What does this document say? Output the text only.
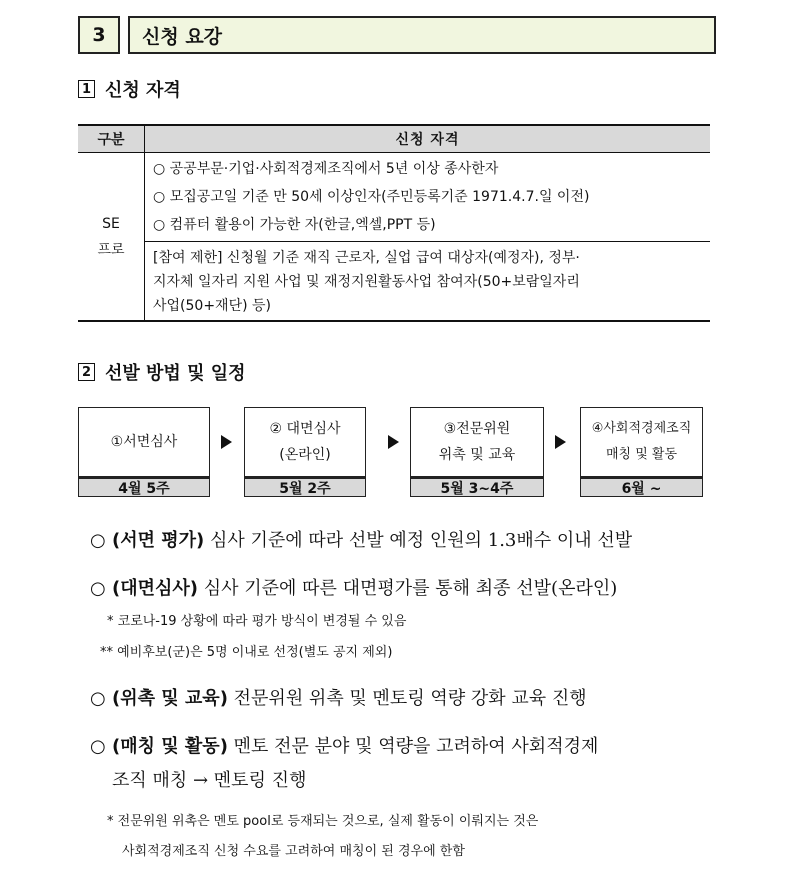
3	신청 요강
1 신청 자격
구분	신청 자격
SE
프로
○ 공공부문·기업·사회적경제조직에서 5년 이상 종사한자
○ 모집공고일 기준 만 50세 이상인자(주민등록기준 1971.4.7.일 이전)
○ 컴퓨터 활용이 가능한 자(한글,엑셀,PPT 등)
[참여 제한] 신청월 기준 재직 근로자, 실업 급여 대상자(예정자), 정부·
지자체 일자리 지원 사업 및 재정지원활동사업 참여자(50+보람일자리
사업(50+재단) 등)
2 선발 방법 및 일정
①서면심사
4월 5주
② 대면심사
(온라인)
5월 2주
③전문위원
위촉 및 교육
5월 3~4주
④사회적경제조직
매칭 및 활동
6월 ~
○ (서면 평가) 심사 기준에 따라 선발 예정 인원의 1.3배수 이내 선발
○ (대면심사) 심사 기준에 따른 대면평가를 통해 최종 선발(온라인)
* 코로나-19 상황에 따라 평가 방식이 변경될 수 있음
** 예비후보(군)은 5명 이내로 선정(별도 공지 제외)
○ (위촉 및 교육) 전문위원 위촉 및 멘토링 역량 강화 교육 진행
○ (매칭 및 활동) 멘토 전문 분야 및 역량을 고려하여 사회적경제
조직 매칭 → 멘토링 진행
* 전문위원 위촉은 멘토 pool로 등재되는 것으로, 실제 활동이 이뤄지는 것은
사회적경제조직 신청 수요를 고려하여 매칭이 된 경우에 한함
